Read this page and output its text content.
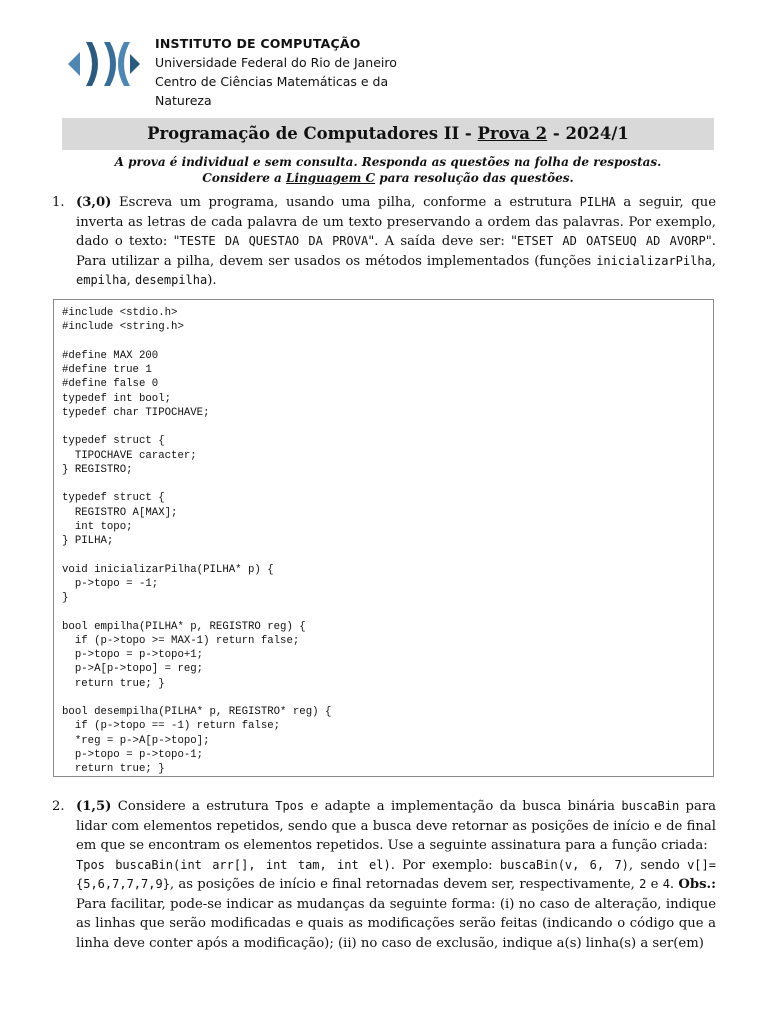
INSTITUTO DE COMPUTAÇÃO
Universidade Federal do Rio de Janeiro
Centro de Ciências Matemáticas e da Natureza
Programação de Computadores II - Prova 2 - 2024/1
A prova é individual e sem consulta. Responda as questões na folha de respostas.
Considere a Linguagem C para resolução das questões.
1. (3,0) Escreva um programa, usando uma pilha, conforme a estrutura PILHA a seguir, que inverta as letras de cada palavra de um texto preservando a ordem das palavras. Por exemplo, dado o texto: "TESTE DA QUESTAO DA PROVA". A saída deve ser: "ETSET AD OATSEUQ AD AVORP". Para utilizar a pilha, devem ser usados os métodos implementados (funções inicializarPilha, empilha, desempilha).
#include <stdio.h>
#include <string.h>

#define MAX 200
#define true 1
#define false 0
typedef int bool;
typedef char TIPOCHAVE;

typedef struct {
TIPOCHAVE caracter;
} REGISTRO;

typedef struct {
REGISTRO A[MAX];
int topo;
} PILHA;

void inicializarPilha(PILHA* p) {
p->topo = -1;
}

bool empilha(PILHA* p, REGISTRO reg) {
if (p->topo >= MAX-1) return false;
p->topo = p->topo+1;
p->A[p->topo] = reg;
return true; }

bool desempilha(PILHA* p, REGISTRO* reg) {
if (p->topo == -1) return false;
*reg = p->A[p->topo];
p->topo = p->topo-1;
return true; }
2. (1,5) Considere a estrutura Tpos e adapte a implementação da busca binária buscaBin para lidar com elementos repetidos, sendo que a busca deve retornar as posições de início e de final em que se encontram os elementos repetidos. Use a seguinte assinatura para a função criada:
Tpos buscaBin(int arr[], int tam, int el). Por exemplo: buscaBin(v, 6, 7), sendo v[]={5,6,7,7,7,9}, as posições de início e final retornadas devem ser, respectivamente, 2 e 4. Obs.: Para facilitar, pode-se indicar as mudanças da seguinte forma: (i) no caso de alteração, indique as linhas que serão modificadas e quais as modificações serão feitas (indicando o código que a linha deve conter após a modificação); (ii) no caso de exclusão, indique a(s) linha(s) a ser(em)
